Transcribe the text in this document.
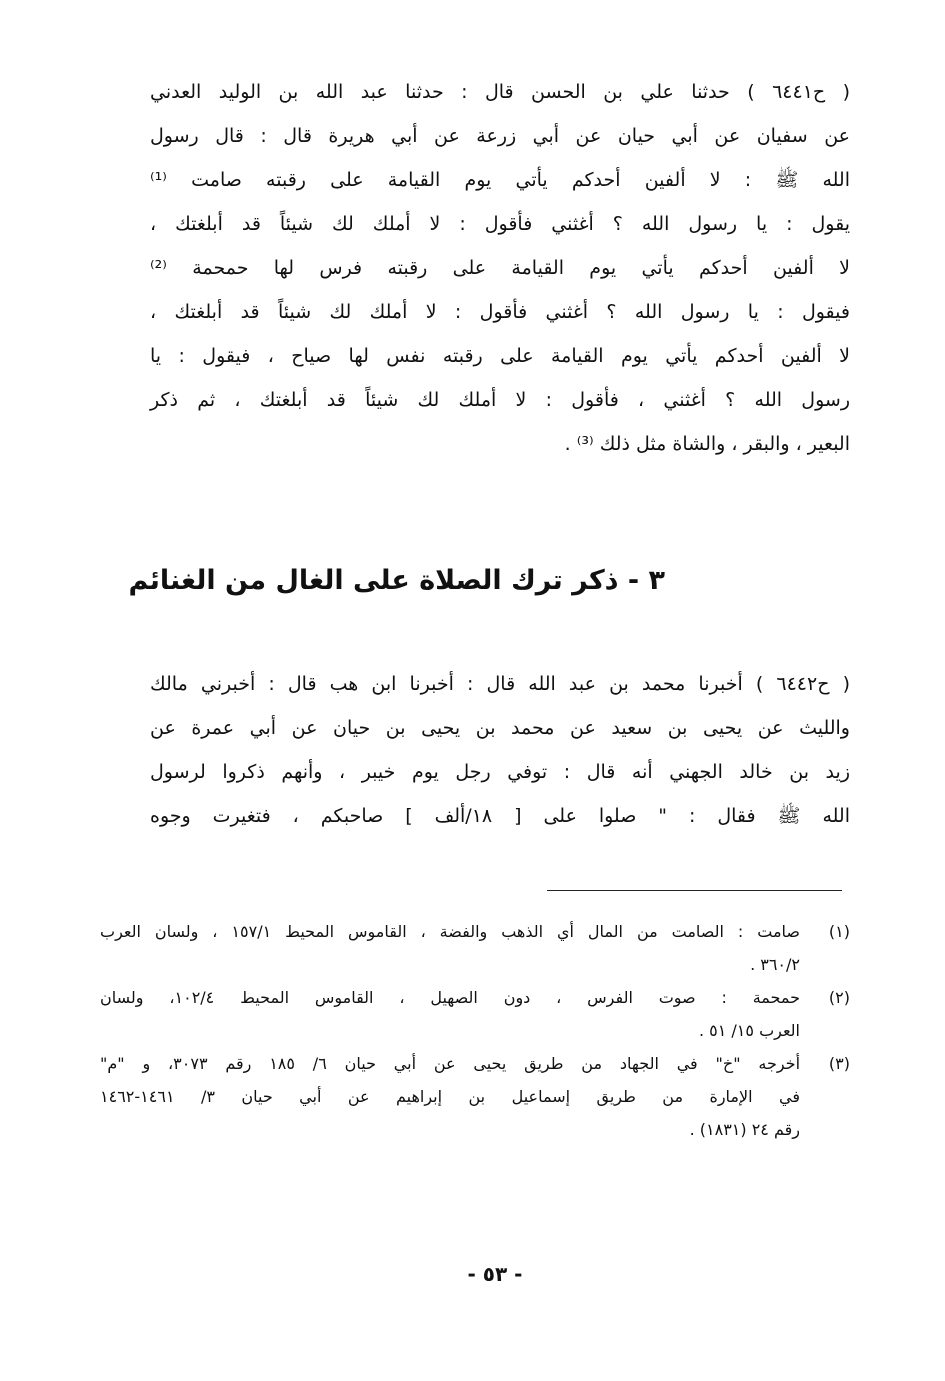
( ح٦٤٤١ ) حدثنا علي بن الحسن قال : حدثنا عبد الله بن الوليد العدني
عن سفيان عن أبي حيان عن أبي زرعة عن أبي هريرة قال : قال رسول
الله ﷺ : لا ألفين أحدكم يأتي يوم القيامة على رقبته صامت ⁽¹⁾
يقول : يا رسول الله ؟ أغثني فأقول : لا أملك لك شيئاً قد أبلغتك ،
لا ألفين أحدكم يأتي يوم القيامة على رقبته فرس لها حمحمة ⁽²⁾
فيقول : يا رسول الله ؟ أغثني فأقول : لا أملك لك شيئاً قد أبلغتك ،
لا ألفين أحدكم يأتي يوم القيامة على رقبته نفس لها صياح ، فيقول : يا
رسول الله ؟ أغثني ، فأقول : لا أملك لك شيئاً قد أبلغتك ، ثم ذكر
البعير ، والبقر ، والشاة مثل ذلك ⁽³⁾ .
٣ - ذكر ترك الصلاة على الغال من الغنائم
( ح٦٤٤٢ ) أخبرنا محمد بن عبد الله قال : أخبرنا ابن هب قال : أخبرني مالك
والليث عن يحيى بن سعيد عن محمد بن يحيى بن حيان عن أبي عمرة عن
زيد بن خالد الجهني أنه قال : توفي رجل يوم خيبر ، وأنهم ذكروا لرسول
الله ﷺ فقال : " صلوا على [ ١٨/ألف ] صاحبكم ، فتغيرت وجوه
(١)
صامت : الصامت من المال أي الذهب والفضة ، القاموس المحيط ١٥٧/١ ، ولسان العرب
٣٦٠/٢ .
(٢)
حمحمة : صوت الفرس ، دون الصهيل ، القاموس المحيط ١٠٢/٤، ولسان
العرب ١٥/ ٥١ .
(٣)
أخرجه "خ" في الجهاد من طريق يحيى عن أبي حيان ٦/ ١٨٥ رقم ٣٠٧٣، و "م"
في الإمارة من طريق إسماعيل بن إبراهيم عن أبي حيان ٣/ ١٤٦١-١٤٦٢
رقم ٢٤ (١٨٣١) .
- ٥٣ -
